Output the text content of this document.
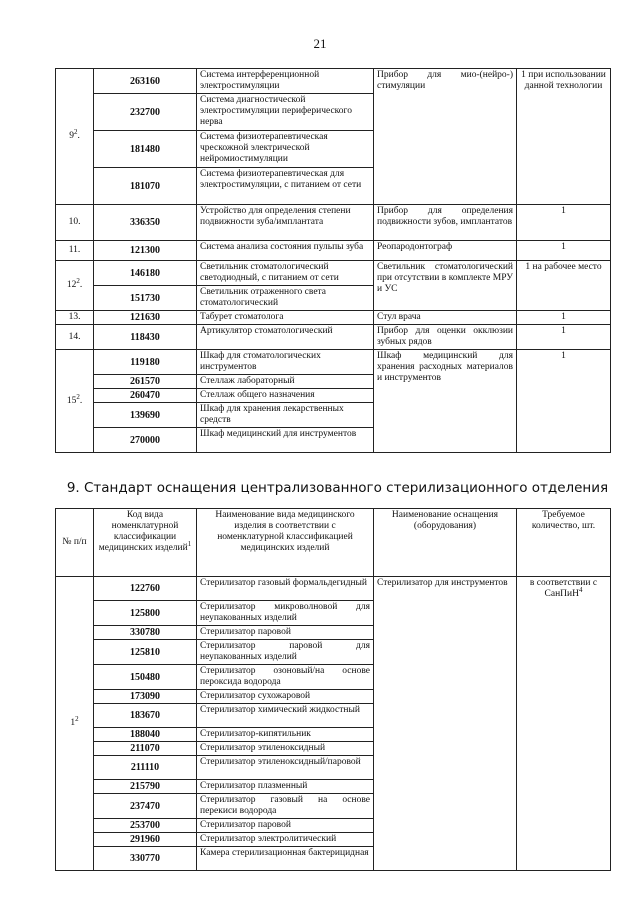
21
$9^2$.	263160	Система интерференционной электростимуляции	Прибор для мио-(нейро-) стимуляции	1 при использовании данной технологии
	232700	Система диагностической электростимуляции периферического нерва		
	181480	Система физиотерапевтическая чрескожной электрической нейромиостимуляции		
	181070	Система физиотерапевтическая для электростимуляции, с питанием от сети		
10.	336350	Устройство для определения степени подвижности зуба/имплантата	Прибор для определения подвижности зубов, имплантатов	1
11.	121300	Система анализа состояния пульпы зуба	Реопародонтограф	1
$12^2$.	146180	Светильник стоматологический светодиодный, с питанием от сети	Светильник стоматологический при отсутствии в комплекте МРУ и УС	1 на рабочее место
	151730	Светильник отраженного света стоматологический		
13.	121630	Табурет стоматолога	Стул врача	1
14.	118430	Артикулятор стоматологический	Прибор для оценки окклюзии зубных рядов	1
$15^2$.	119180	Шкаф для стоматологических инструментов	Шкаф медицинский для хранения расходных материалов и инструментов	1
	261570	Стеллаж лабораторный		
	260470	Стеллаж общего назначения		
	139690	Шкаф для хранения лекарственных средств		
	270000	Шкаф медицинский для инструментов		
9. Стандарт оснащения централизованного стерилизационного отделения
№ п/п	Код вида номенклатурной классификации медицинских изделий$^1$	Наименование вида медицинского изделия в соответствии с номенклатурной классификацией медицинских изделий	Наименование оснащения (оборудования)	Требуемое количество, шт.
$1^2$	122760	Стерилизатор газовый формальдегидный	Стерилизатор для инструментов	в соответствии с СанПиН$^4$
	125800	Стерилизатор микроволновой для неупакованных изделий		
	330780	Стерилизатор паровой		
	125810	Стерилизатор паровой для неупакованных изделий		
	150480	Стерилизатор озоновый/на основе пероксида водорода		
	173090	Стерилизатор сухожаровой		
	183670	Стерилизатор химический жидкостный		
	188040	Стерилизатор-кипятильник		
	211070	Стерилизатор этиленоксидный		
	211110	Стерилизатор этиленоксидный/паровой		
	215790	Стерилизатор плазменный		
	237470	Стерилизатор газовый на основе перекиси водорода		
	253700	Стерилизатор паровой		
	291960	Стерилизатор электролитический		
	330770	Камера стерилизационная бактерицидная		
